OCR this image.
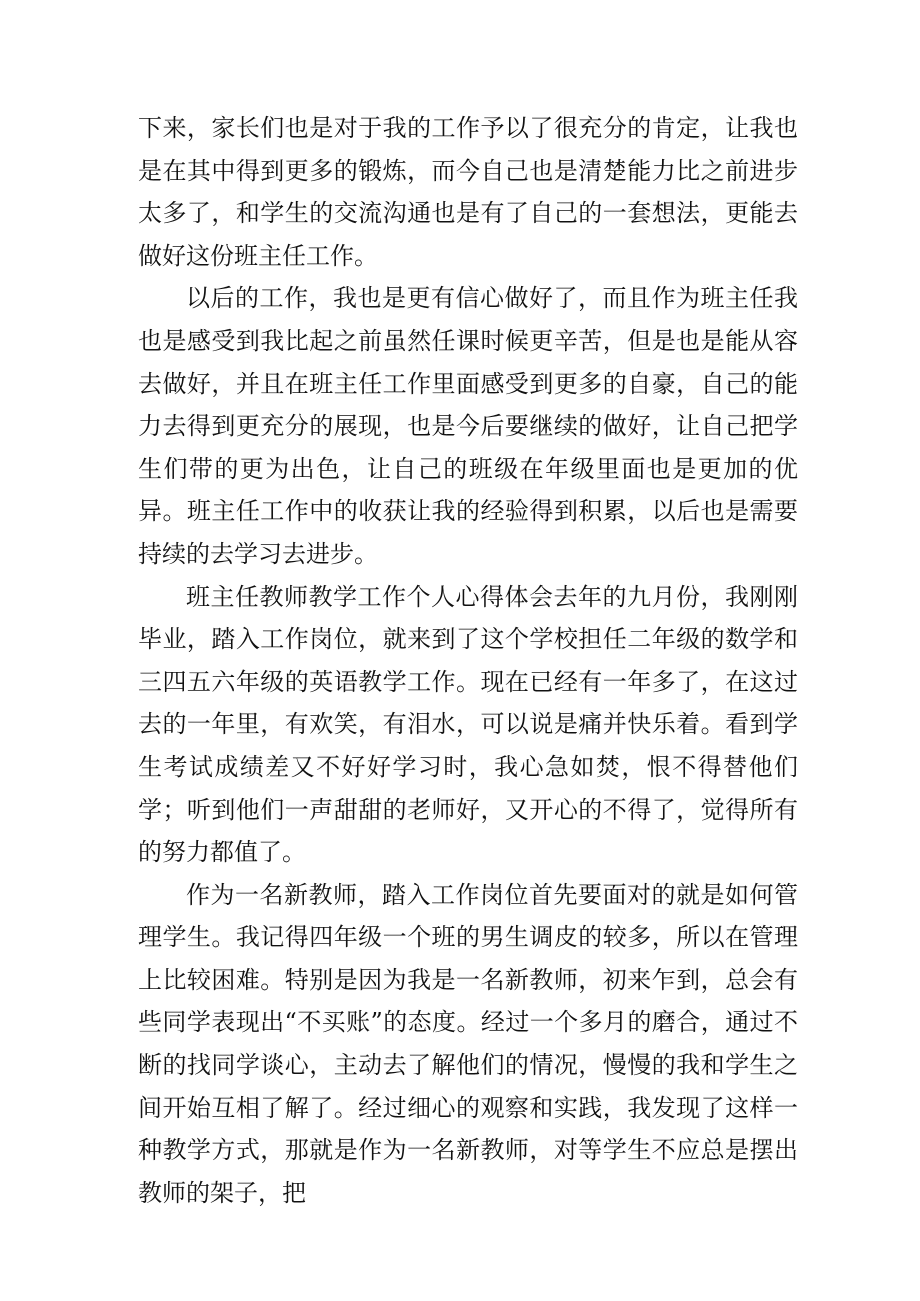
下来，家长们也是对于我的工作予以了很充分的肯定，让我也是在其中得到更多的锻炼，而今自己也是清楚能力比之前进步太多了，和学生的交流沟通也是有了自己的一套想法，更能去做好这份班主任工作。

以后的工作，我也是更有信心做好了，而且作为班主任我也是感受到我比起之前虽然任课时候更辛苦，但是也是能从容去做好，并且在班主任工作里面感受到更多的自豪，自己的能力去得到更充分的展现，也是今后要继续的做好，让自己把学生们带的更为出色，让自己的班级在年级里面也是更加的优异。班主任工作中的收获让我的经验得到积累，以后也是需要持续的去学习去进步。

班主任教师教学工作个人心得体会去年的九月份，我刚刚毕业，踏入工作岗位，就来到了这个学校担任二年级的数学和三四五六年级的英语教学工作。现在已经有一年多了，在这过去的一年里，有欢笑，有泪水，可以说是痛并快乐着。看到学生考试成绩差又不好好学习时，我心急如焚，恨不得替他们学；听到他们一声甜甜的老师好，又开心的不得了，觉得所有的努力都值了。

作为一名新教师，踏入工作岗位首先要面对的就是如何管理学生。我记得四年级一个班的男生调皮的较多，所以在管理上比较困难。特别是因为我是一名新教师，初来乍到，总会有些同学表现出“不买账”的态度。经过一个多月的磨合，通过不断的找同学谈心，主动去了解他们的情况，慢慢的我和学生之间开始互相了解了。经过细心的观察和实践，我发现了这样一种教学方式，那就是作为一名新教师，对等学生不应总是摆出教师的架子，把
